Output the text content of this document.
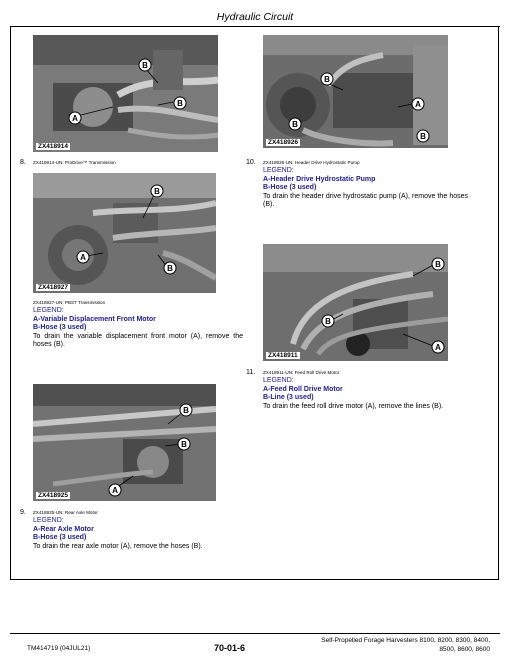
Hydraulic Circuit
A
B
B
ZX418914
B
A
B
B
ZX418926
8. ZX418914-UN: ProDrive™ Transmission	10. ZX418926-UN: Header Drive Hydrostatic Pump
LEGEND:
A-Header Drive Hydrostatic Pump
B-Hose (3 used)
To drain the header drive hydrostatic pump (A), remove the hoses (B).
B
A
B
ZX418927
ZX418927-UN: PBST Transmission
LEGEND:
A-Variable Displacement Front Motor
B-Hose (3 used)
To drain the variable displacement front motor (A), remove the hoses (B).
B
B
A
ZX418911
11. ZX418911-UN: Feed Roll Drive Motor
LEGEND:
A-Feed Roll Drive Motor
B-Line (3 used)
To drain the feed roll drive motor (A), remove the lines (B).
B
B
A
ZX418925
9. ZX418925-UN: Rear Axle Motor
LEGEND:
A-Rear Axle Motor
B-Hose (3 used)
To drain the rear axle motor (A), remove the hoses (B).
TM414719 (04JUL21)	70-01-6
Self-Propelled Forage Harvesters 8100, 8200, 8300, 8400,
8500, 8600, 8600
